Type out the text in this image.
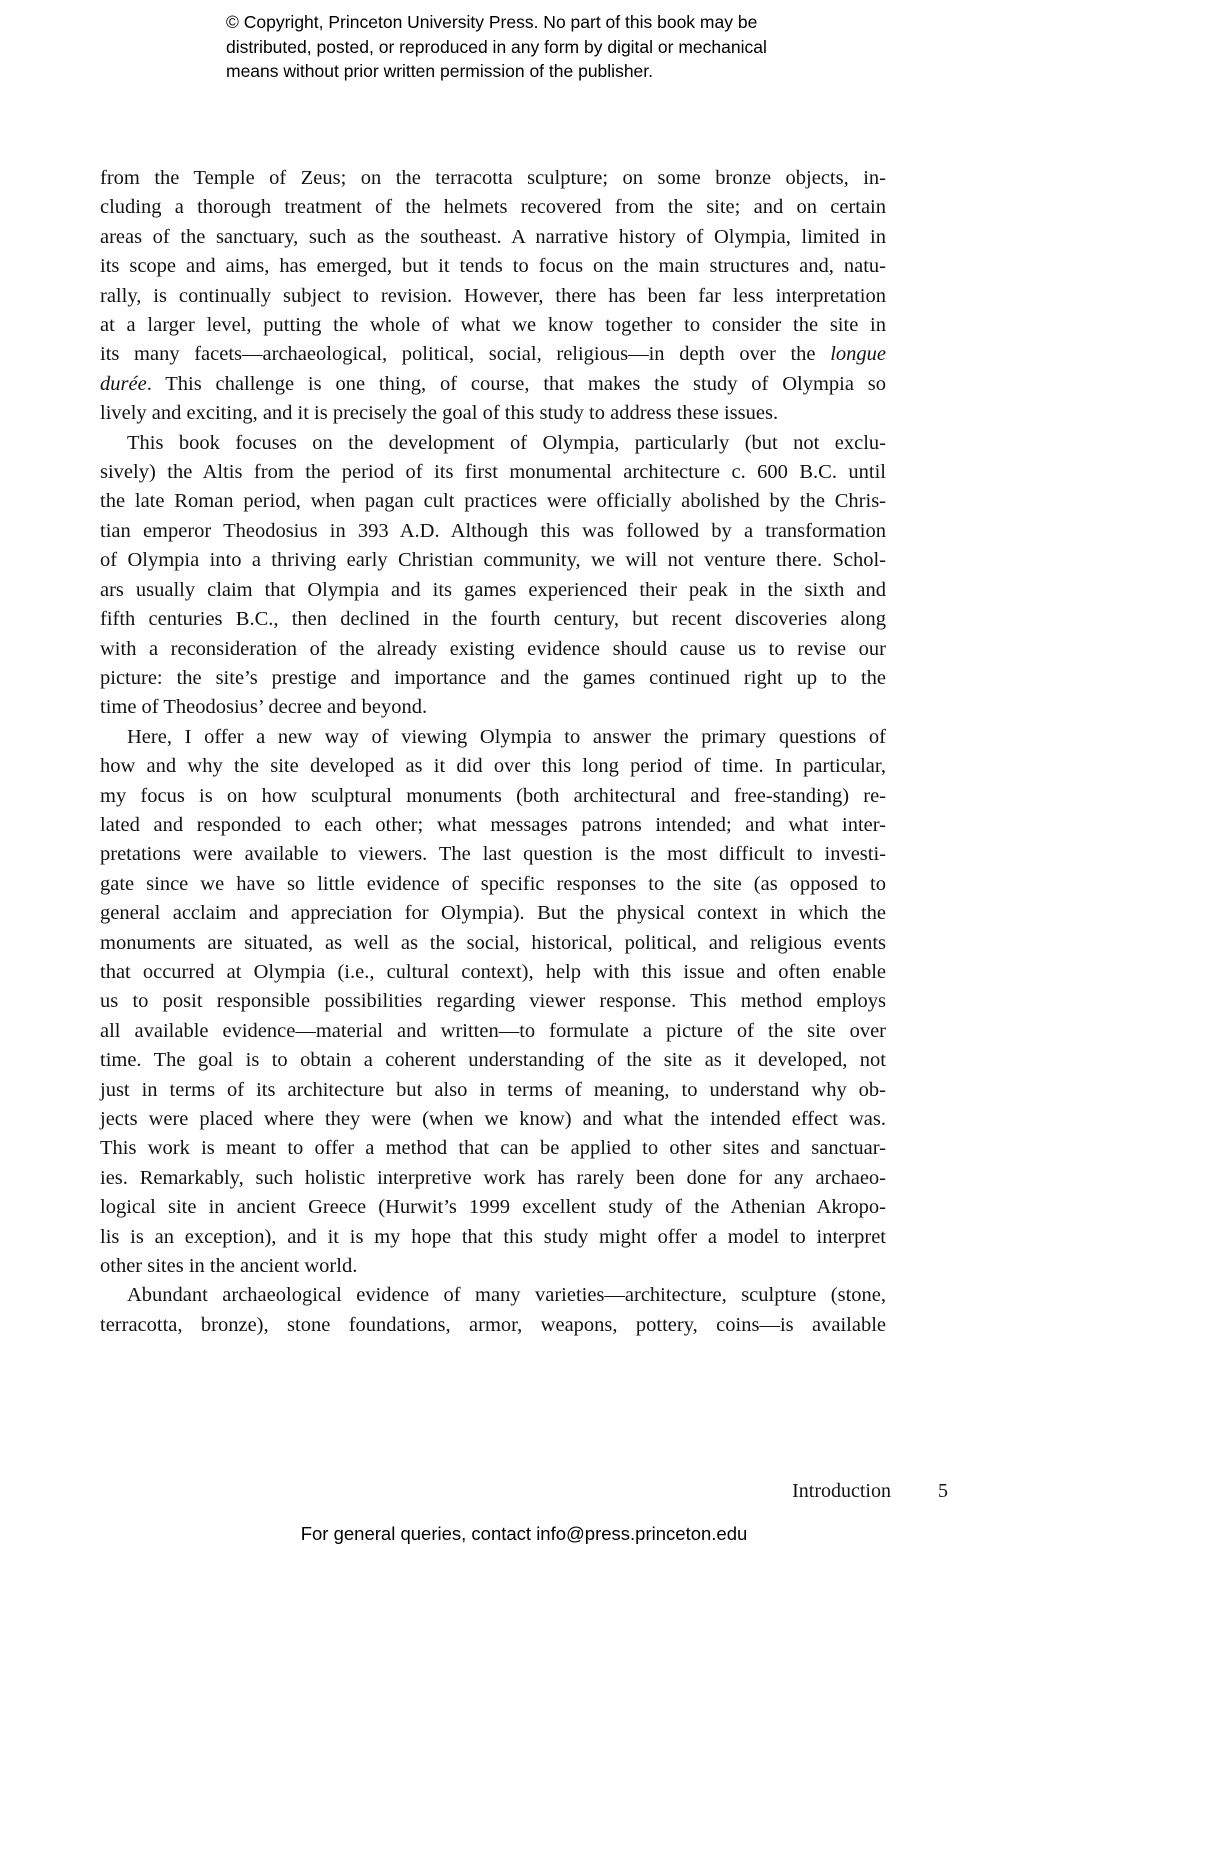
© Copyright, Princeton University Press. No part of this book may be
distributed, posted, or reproduced in any form by digital or mechanical
means without prior written permission of the publisher.
from the Temple of Zeus; on the terracotta sculpture; on some bronze objects, in-
cluding a thorough treatment of the helmets recovered from the site; and on certain
areas of the sanctuary, such as the southeast. A narrative history of Olympia, limited in
its scope and aims, has emerged, but it tends to focus on the main structures and, natu-
rally, is continually subject to revision. However, there has been far less interpretation
at a larger level, putting the whole of what we know together to consider the site in
its many facets—archaeological, political, social, religious—in depth over the longue
durée. This challenge is one thing, of course, that makes the study of Olympia so
lively and exciting, and it is precisely the goal of this study to address these issues.
This book focuses on the development of Olympia, particularly (but not exclu-
sively) the Altis from the period of its first monumental architecture c. 600 B.C. until
the late Roman period, when pagan cult practices were officially abolished by the Chris-
tian emperor Theodosius in 393 A.D. Although this was followed by a transformation
of Olympia into a thriving early Christian community, we will not venture there. Schol-
ars usually claim that Olympia and its games experienced their peak in the sixth and
fifth centuries B.C., then declined in the fourth century, but recent discoveries along
with a reconsideration of the already existing evidence should cause us to revise our
picture: the site’s prestige and importance and the games continued right up to the
time of Theodosius’ decree and beyond.
Here, I offer a new way of viewing Olympia to answer the primary questions of
how and why the site developed as it did over this long period of time. In particular,
my focus is on how sculptural monuments (both architectural and free-standing) re-
lated and responded to each other; what messages patrons intended; and what inter-
pretations were available to viewers. The last question is the most difficult to investi-
gate since we have so little evidence of specific responses to the site (as opposed to
general acclaim and appreciation for Olympia). But the physical context in which the
monuments are situated, as well as the social, historical, political, and religious events
that occurred at Olympia (i.e., cultural context), help with this issue and often enable
us to posit responsible possibilities regarding viewer response. This method employs
all available evidence—material and written—to formulate a picture of the site over
time. The goal is to obtain a coherent understanding of the site as it developed, not
just in terms of its architecture but also in terms of meaning, to understand why ob-
jects were placed where they were (when we know) and what the intended effect was.
This work is meant to offer a method that can be applied to other sites and sanctuar-
ies. Remarkably, such holistic interpretive work has rarely been done for any archaeo-
logical site in ancient Greece (Hurwit’s 1999 excellent study of the Athenian Akropo-
lis is an exception), and it is my hope that this study might offer a model to interpret
other sites in the ancient world.
Abundant archaeological evidence of many varieties—architecture, sculpture (stone,
terracotta, bronze), stone foundations, armor, weapons, pottery, coins—is available
Introduction 5
For general queries, contact info@press.princeton.edu
